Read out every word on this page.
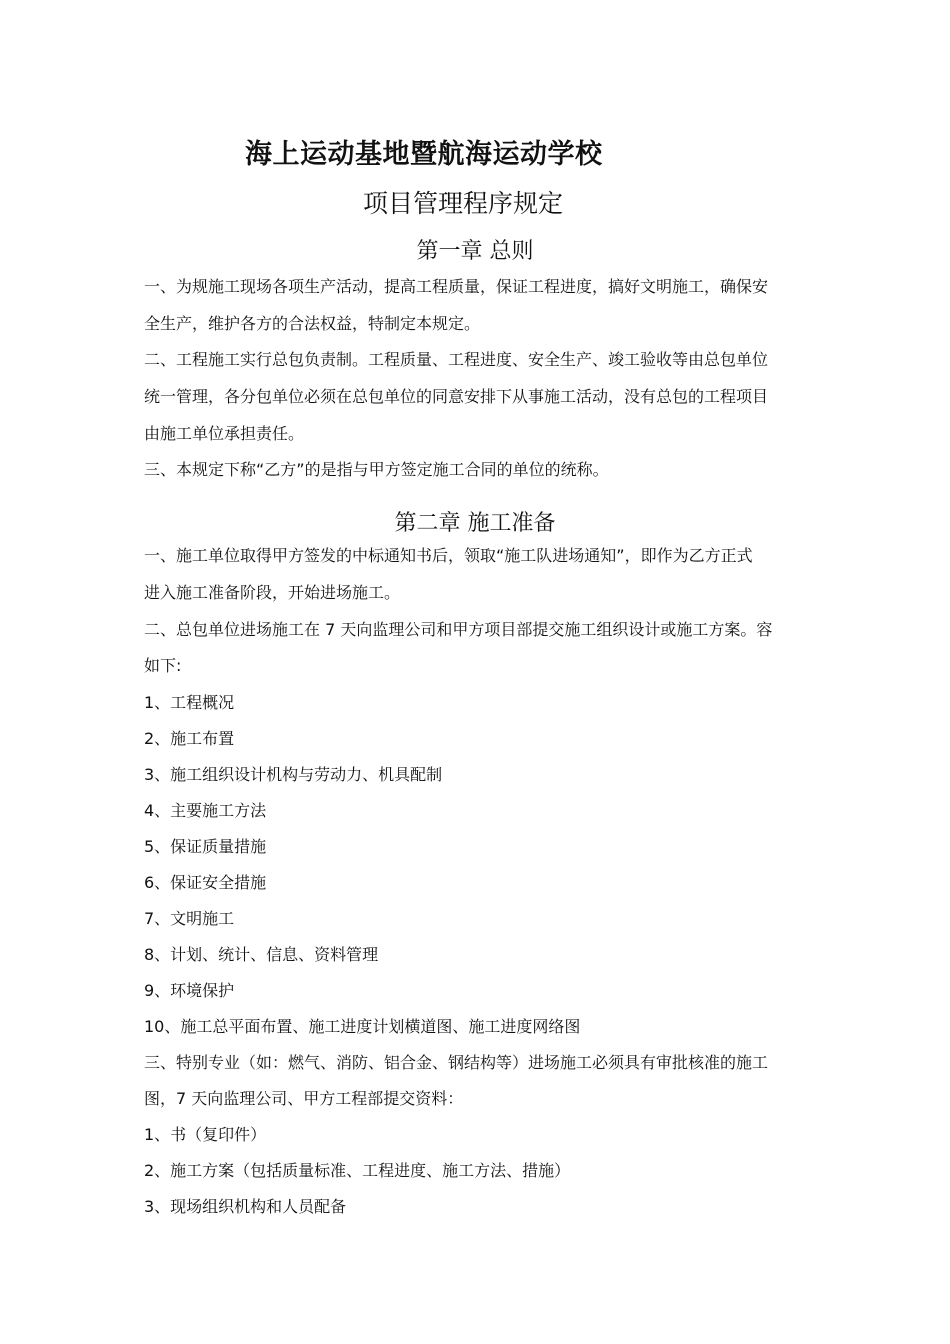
海上运动基地暨航海运动学校
项目管理程序规定
第一章 总则
一、为规施工现场各项生产活动，提高工程质量，保证工程进度，搞好文明施工，确保安
全生产，维护各方的合法权益，特制定本规定。
二、工程施工实行总包负责制。工程质量、工程进度、安全生产、竣工验收等由总包单位
统一管理，各分包单位必须在总包单位的同意安排下从事施工活动，没有总包的工程项目
由施工单位承担责任。
三、本规定下称“乙方”的是指与甲方签定施工合同的单位的统称。
第二章 施工准备
一、施工单位取得甲方签发的中标通知书后，领取“施工队进场通知”，即作为乙方正式
进入施工准备阶段，开始进场施工。
二、总包单位进场施工在 7 天向监理公司和甲方项目部提交施工组织设计或施工方案。容
如下:
1、工程概况
2、施工布置
3、施工组织设计机构与劳动力、机具配制
4、主要施工方法
5、保证质量措施
6、保证安全措施
7、文明施工
8、计划、统计、信息、资料管理
9、环境保护
10、施工总平面布置、施工进度计划横道图、施工进度网络图
三、特别专业（如：燃气、消防、铝合金、钢结构等）进场施工必须具有审批核准的施工
图，7 天向监理公司、甲方工程部提交资料：
1、书（复印件）
2、施工方案（包括质量标准、工程进度、施工方法、措施）
3、现场组织机构和人员配备
